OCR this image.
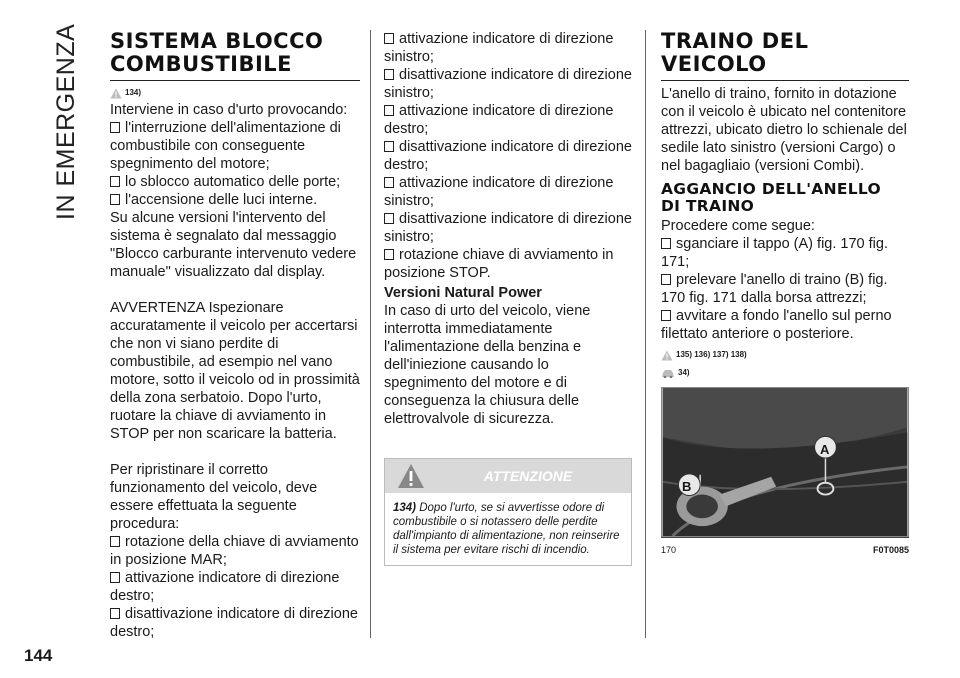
IN EMERGENZA SISTEMA BLOCCO
COMBUSTIBILE
134)

Interviene in caso d'urto provocando:

l'interruzione dell'alimentazione di combustibile con conseguente spegnimento del motore;

lo sblocco automatico delle porte;

l'accensione delle luci interne.

Su alcune versioni l'intervento del sistema è segnalato dal messaggio "Blocco carburante intervenuto vedere manuale" visualizzato dal display.

AVVERTENZA Ispezionare accuratamente il veicolo per accertarsi che non vi siano perdite di combustibile, ad esempio nel vano motore, sotto il veicolo od in prossimità della zona serbatoio. Dopo l'urto, ruotare la chiave di avviamento in STOP per non scaricare la batteria.

Per ripristinare il corretto funzionamento del veicolo, deve essere effettuata la seguente procedura:

rotazione della chiave di avviamento in posizione MAR;

attivazione indicatore di direzione destro;

disattivazione indicatore di direzione destro;

attivazione indicatore di direzione sinistro;

disattivazione indicatore di direzione sinistro;

attivazione indicatore di direzione destro;

disattivazione indicatore di direzione destro;

attivazione indicatore di direzione sinistro;

disattivazione indicatore di direzione sinistro;

rotazione chiave di avviamento in posizione STOP.

Versioni Natural Power

In caso di urto del veicolo, viene interrotta immediatamente l'alimentazione della benzina e dell'iniezione causando lo spegnimento del motore e di conseguenza la chiusura delle elettrovalvole di sicurezza.

ATTENZIONE
134) Dopo l'urto, se si avvertisse odore di combustibile o si notassero delle perdite dall'impianto di alimentazione, non reinserire il sistema per evitare rischi di incendio.
TRAINO DEL
VEICOLO

L'anello di traino, fornito in dotazione con il veicolo è ubicato nel contenitore attrezzi, ubicato dietro lo schienale del sedile lato sinistro (versioni Cargo) o nel bagagliaio (versioni Combi).

AGGANCIO DELL'ANELLO
DI TRAINO

Procedere come segue:

sganciare il tappo (A) fig. 170 fig. 171;

prelevare l'anello di traino (B) fig. 170 fig. 171 dalla borsa attrezzi;

avvitare a fondo l'anello sul perno filettato anteriore o posteriore.

135) 136) 137) 138)
34)
A
B
170	F0T0085
144
